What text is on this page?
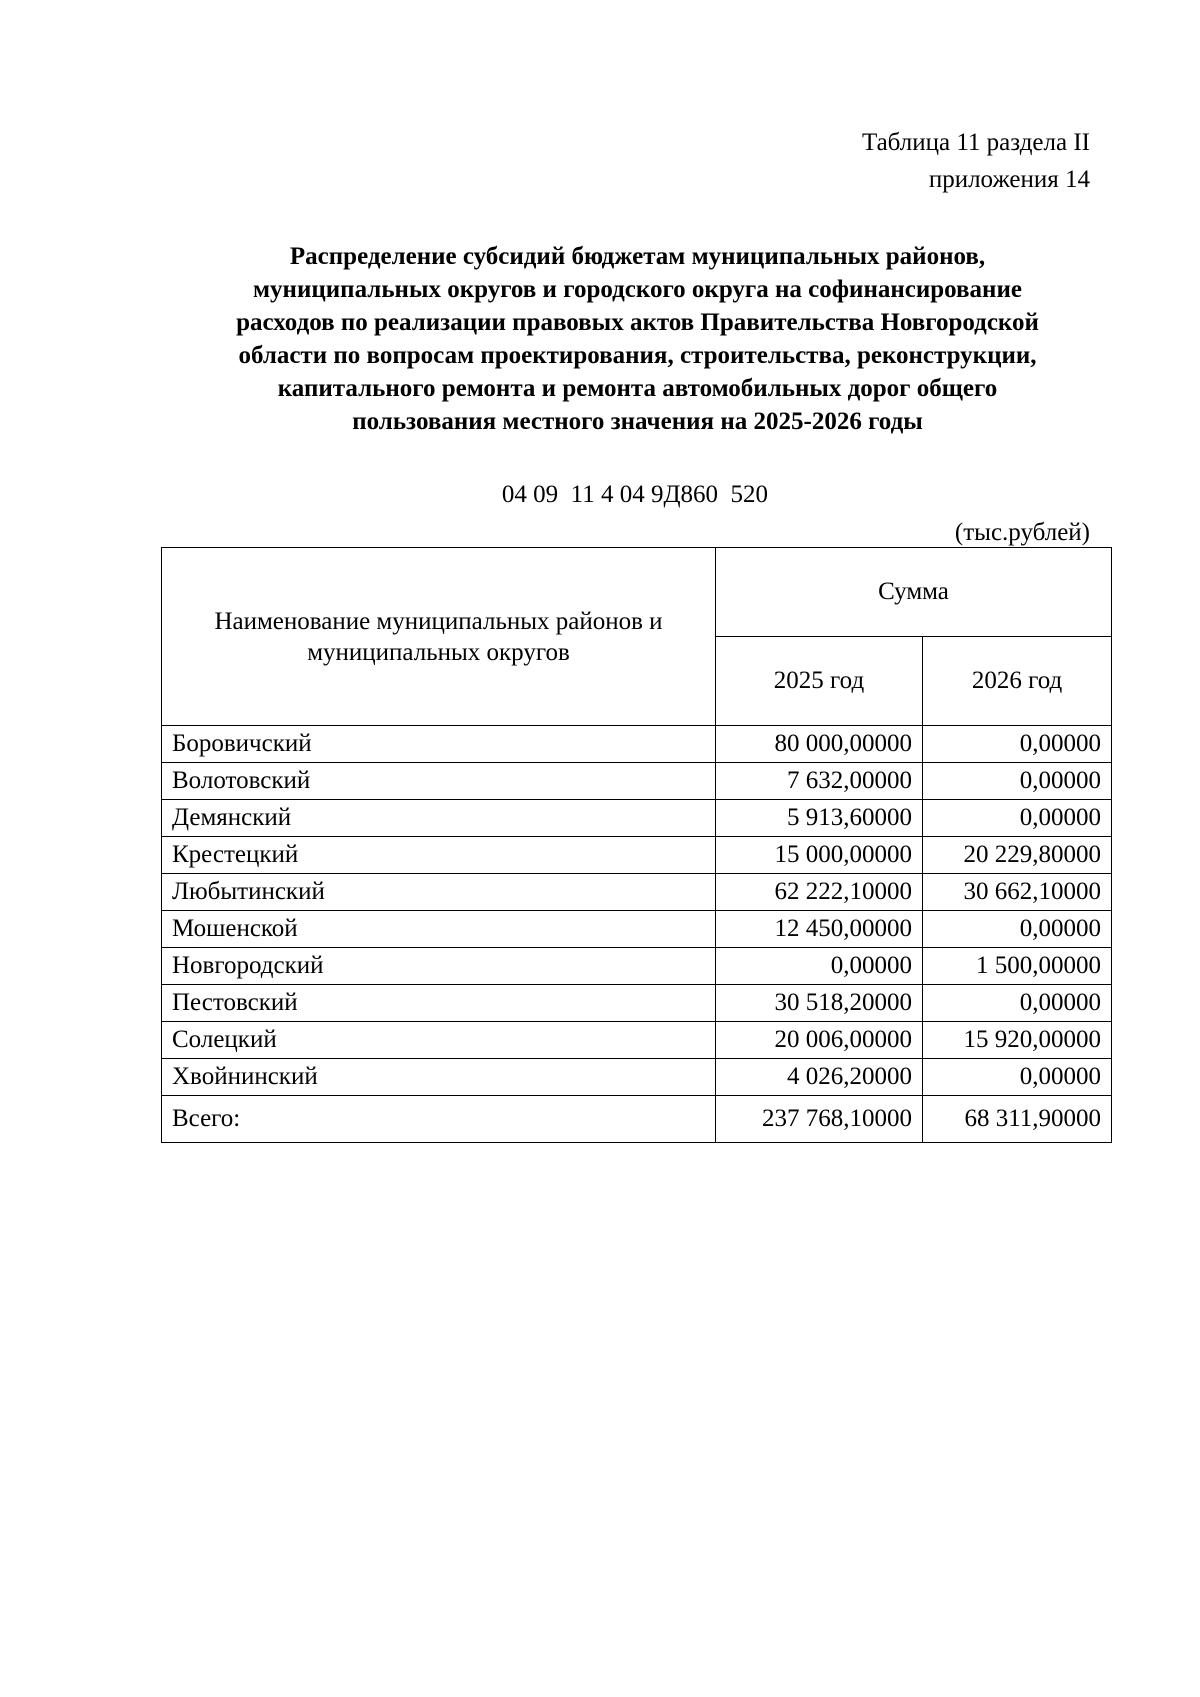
Таблица 11 раздела II
приложения 14
Распределение субсидий бюджетам муниципальных районов,
муниципальных округов и городского округа на софинансирование
расходов по реализации правовых актов Правительства Новгородской
области по вопросам проектирования, строительства, реконструкции,
капитального ремонта и ремонта автомобильных дорог общего
пользования местного значения на 2025-2026 годы
04 09  11 4 04 9Д860  520
(тыс.рублей)
Наименование муниципальных районов и
муниципальных округов	Сумма	
	2025 год	2026 год
Боровичский	80 000,00000	0,00000
Волотовский	7 632,00000	0,00000
Демянский	5 913,60000	0,00000
Крестецкий	15 000,00000	20 229,80000
Любытинский	62 222,10000	30 662,10000
Мошенской	12 450,00000	0,00000
Новгородский	0,00000	1 500,00000
Пестовский	30 518,20000	0,00000
Солецкий	20 006,00000	15 920,00000
Хвойнинский	4 026,20000	0,00000
Всего:	237 768,10000	68 311,90000
